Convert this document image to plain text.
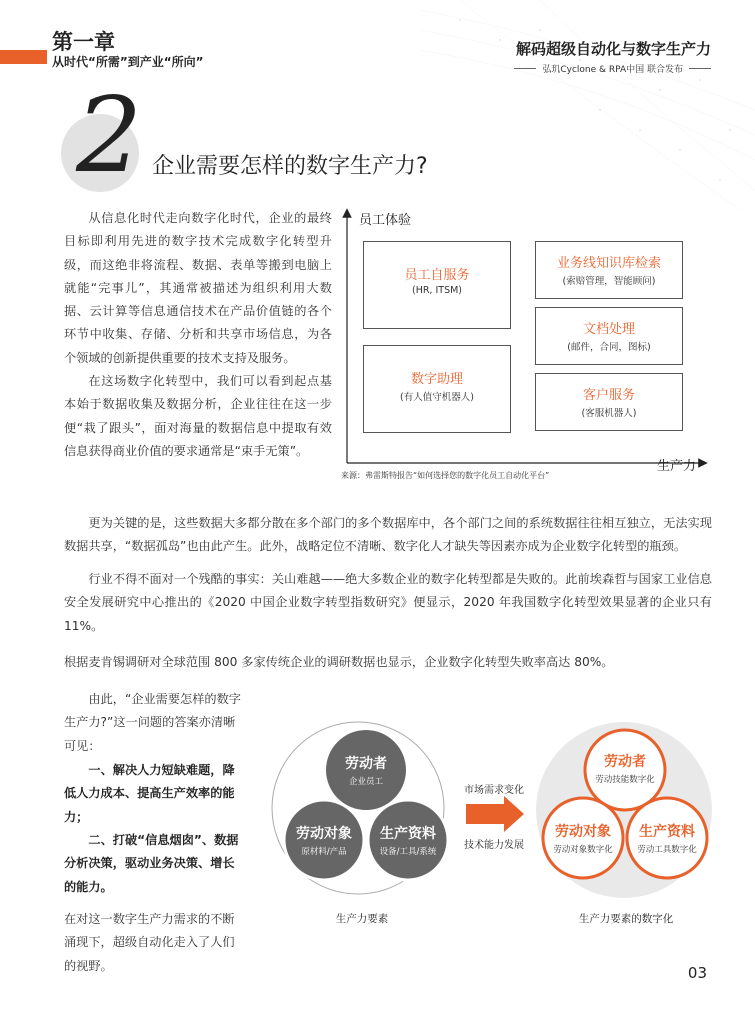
第一章
从时代“所需”到产业“所向”
解码超级自动化与数字生产力
弘玑Cyclone & RPA中国 联合发布
2 企业需要怎样的数字生产力?
从信息化时代走向数字化时代，企业的最终目标即利用先进的数字技术完成数字化转型升级，而这绝非将流程、数据、表单等搬到电脑上就能“完事儿”，其通常被描述为组织利用大数据、云计算等信息通信技术在产品价值链的各个环节中收集、存储、分析和共享市场信息，为各个领域的创新提供重要的技术支持及服务。
在这场数字化转型中，我们可以看到起点基本始于数据收集及数据分析，企业往往在这一步便“栽了跟头”，面对海量的数据信息中提取有效信息获得商业价值的要求通常是“束手无策”。
员工体验
生产力
员工自服务
(HR, ITSM)
数字助理
(有人值守机器人)
业务线知识库检索
(索赔管理，智能顾问)
文档处理
(邮件，合同，图标)
客户服务
(客服机器人)
来源：弗雷斯特报告“如何选择您的数字化员工自动化平台”
更为关键的是，这些数据大多都分散在多个部门的多个数据库中，各个部门之间的系统数据往往相互独立，无法实现数据共享，“数据孤岛”也由此产生。此外，战略定位不清晰、数字化人才缺失等因素亦成为企业数字化转型的瓶颈。
行业不得不面对一个残酷的事实：关山难越——绝大多数企业的数字化转型都是失败的。此前埃森哲与国家工业信息安全发展研究中心推出的《2020 中国企业数字转型指数研究》便显示，2020 年我国数字化转型效果显著的企业只有 11%。
根据麦肯锡调研对全球范围 800 多家传统企业的调研数据也显示，企业数字化转型失败率高达 80%。
由此，“企业需要怎样的数字生产力?”这一问题的答案亦清晰可见：
一、解决人力短缺难题，降低人力成本、提高生产效率的能力；
二、打破“信息烟囱”、数据分析决策，驱动业务决策、增长的能力。
在对这一数字生产力需求的不断涌现下，超级自动化走入了人们的视野。
劳动者
企业员工
劳动对象
原材料/产品
生产资料
设备/工具/系统
生产力要素
市场需求变化
技术能力发展
劳动者
劳动技能数字化
劳动对象
劳动对象数字化
生产资料
劳动工具数字化
生产力要素的数字化
03
